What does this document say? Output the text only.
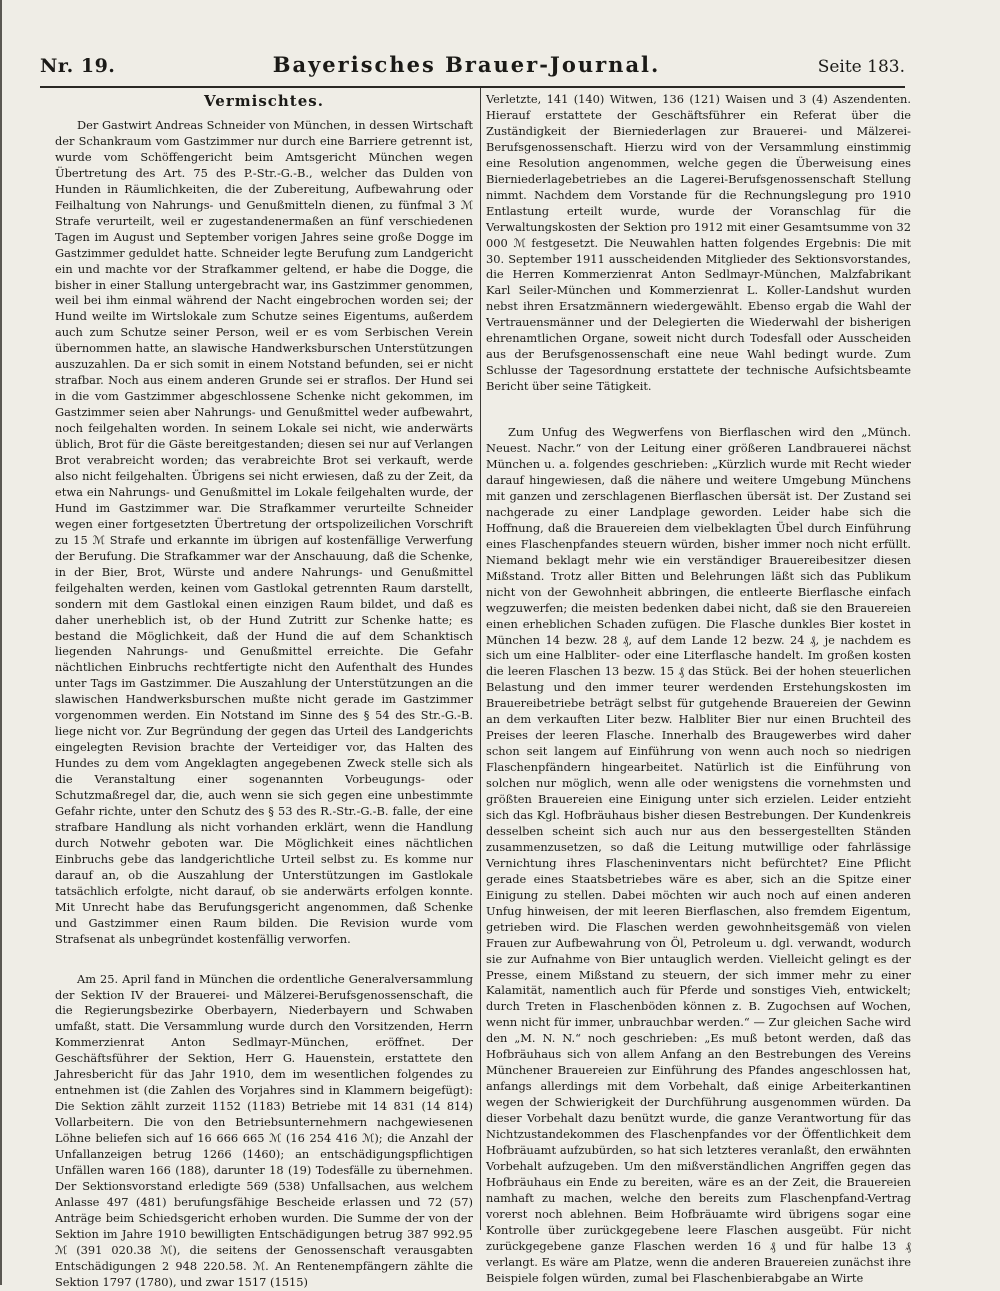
Nr. 19.	Bayerisches Brauer-Journal.	Seite 183.
Vermischtes.

Der Gastwirt Andreas Schneider von München, in dessen Wirtschaft der Schankraum vom Gastzimmer nur durch eine Barriere getrennt ist, wurde vom Schöffengericht beim Amtsgericht München wegen Übertretung des Art. 75 des P.-Str.-G.-B., welcher das Dulden von Hunden in Räumlichkeiten, die der Zubereitung, Aufbewahrung oder Feilhaltung von Nahrungs- und Genußmitteln dienen, zu fünfmal 3 ℳ Strafe verurteilt, weil er zugestandenermaßen an fünf verschiedenen Tagen im August und September vorigen Jahres seine große Dogge im Gastzimmer geduldet hatte. Schneider legte Berufung zum Landgericht ein und machte vor der Strafkammer geltend, er habe die Dogge, die bisher in einer Stallung untergebracht war, ins Gastzimmer genommen, weil bei ihm einmal während der Nacht eingebrochen worden sei; der Hund weilte im Wirtslokale zum Schutze seines Eigentums, außerdem auch zum Schutze seiner Person, weil er es vom Serbischen Verein übernommen hatte, an slawische Handwerksburschen Unterstützungen auszuzahlen. Da er sich somit in einem Notstand befunden, sei er nicht strafbar. Noch aus einem anderen Grunde sei er straflos. Der Hund sei in die vom Gastzimmer abgeschlossene Schenke nicht gekommen, im Gastzimmer seien aber Nahrungs- und Genußmittel weder aufbewahrt, noch feilgehalten worden. In seinem Lokale sei nicht, wie anderwärts üblich, Brot für die Gäste bereitgestanden; diesen sei nur auf Verlangen Brot verabreicht worden; das verabreichte Brot sei verkauft, werde also nicht feilgehalten. Übrigens sei nicht erwiesen, daß zu der Zeit, da etwa ein Nahrungs- und Genußmittel im Lokale feilgehalten wurde, der Hund im Gastzimmer war. Die Strafkammer verurteilte Schneider wegen einer fortgesetzten Übertretung der ortspolizeilichen Vorschrift zu 15 ℳ Strafe und erkannte im übrigen auf kostenfällige Verwerfung der Berufung. Die Strafkammer war der Anschauung, daß die Schenke, in der Bier, Brot, Würste und andere Nahrungs- und Genußmittel feilgehalten werden, keinen vom Gastlokal getrennten Raum darstellt, sondern mit dem Gastlokal einen einzigen Raum bildet, und daß es daher unerheblich ist, ob der Hund Zutritt zur Schenke hatte; es bestand die Möglichkeit, daß der Hund die auf dem Schanktisch liegenden Nahrungs- und Genußmittel erreichte. Die Gefahr nächtlichen Einbruchs rechtfertigte nicht den Aufenthalt des Hundes unter Tags im Gastzimmer. Die Auszahlung der Unterstützungen an die slawischen Handwerksburschen mußte nicht gerade im Gastzimmer vorgenommen werden. Ein Notstand im Sinne des § 54 des Str.-G.-B. liege nicht vor. Zur Begründung der gegen das Urteil des Landgerichts eingelegten Revision brachte der Verteidiger vor, das Halten des Hundes zu dem vom Angeklagten angegebenen Zweck stelle sich als die Veranstaltung einer sogenannten Vorbeugungs- oder Schutzmaßregel dar, die, auch wenn sie sich gegen eine unbestimmte Gefahr richte, unter den Schutz des § 53 des R.-Str.-G.-B. falle, der eine strafbare Handlung als nicht vorhanden erklärt, wenn die Handlung durch Notwehr geboten war. Die Möglichkeit eines nächtlichen Einbruchs gebe das landgerichtliche Urteil selbst zu. Es komme nur darauf an, ob die Auszahlung der Unterstützungen im Gastlokale tatsächlich erfolgte, nicht darauf, ob sie anderwärts erfolgen konnte. Mit Unrecht habe das Berufungsgericht angenommen, daß Schenke und Gastzimmer einen Raum bilden. Die Revision wurde vom Strafsenat als unbegründet kostenfällig verworfen.

Am 25. April fand in München die ordentliche Generalversammlung der Sektion IV der Brauerei- und Mälzerei-Berufsgenossenschaft, die die Regierungsbezirke Oberbayern, Niederbayern und Schwaben umfaßt, statt. Die Versammlung wurde durch den Vorsitzenden, Herrn Kommerzienrat Anton Sedlmayr-München, eröffnet. Der Geschäftsführer der Sektion, Herr G. Hauenstein, erstattete den Jahresbericht für das Jahr 1910, dem im wesentlichen folgendes zu entnehmen ist (die Zahlen des Vorjahres sind in Klammern beigefügt): Die Sektion zählt zurzeit 1152 (1183) Betriebe mit 14 831 (14 814) Vollarbeitern. Die von den Betriebsunternehmern nachgewiesenen Löhne beliefen sich auf 16 666 665 ℳ (16 254 416 ℳ); die Anzahl der Unfallanzeigen betrug 1266 (1460); an entschädigungspflichtigen Unfällen waren 166 (188), darunter 18 (19) Todesfälle zu übernehmen. Der Sektionsvorstand erledigte 569 (538) Unfallsachen, aus welchem Anlasse 497 (481) berufungsfähige Bescheide erlassen und 72 (57) Anträge beim Schiedsgericht erhoben wurden. Die Summe der von der Sektion im Jahre 1910 bewilligten Entschädigungen betrug 387 992.95 ℳ (391 020.38 ℳ), die seitens der Genossenschaft verausgabten Entschädigungen 2 948 220.58. ℳ. An Rentenempfängern zählte die Sektion 1797 (1780), und zwar 1517 (1515)

Verletzte, 141 (140) Witwen, 136 (121) Waisen und 3 (4) Aszendenten. Hierauf erstattete der Geschäftsführer ein Referat über die Zuständigkeit der Bierniederlagen zur Brauerei- und Mälzerei-Berufsgenossenschaft. Hierzu wird von der Versammlung einstimmig eine Resolution angenommen, welche gegen die Überweisung eines Bierniederlagebetriebes an die Lagerei-Berufsgenossenschaft Stellung nimmt. Nachdem dem Vorstande für die Rechnungslegung pro 1910 Entlastung erteilt wurde, wurde der Voranschlag für die Verwaltungskosten der Sektion pro 1912 mit einer Gesamtsumme von 32 000 ℳ festgesetzt. Die Neuwahlen hatten folgendes Ergebnis: Die mit 30. September 1911 ausscheidenden Mitglieder des Sektionsvorstandes, die Herren Kommerzienrat Anton Sedlmayr-München, Malzfabrikant Karl Seiler-München und Kommerzienrat L. Koller-Landshut wurden nebst ihren Ersatzmännern wiedergewählt. Ebenso ergab die Wahl der Vertrauensmänner und der Delegierten die Wiederwahl der bisherigen ehrenamtlichen Organe, soweit nicht durch Todesfall oder Ausscheiden aus der Berufsgenossenschaft eine neue Wahl bedingt wurde. Zum Schlusse der Tagesordnung erstattete der technische Aufsichtsbeamte Bericht über seine Tätigkeit.

Zum Unfug des Wegwerfens von Bierflaschen wird den „Münch. Neuest. Nachr.“ von der Leitung einer größeren Landbrauerei nächst München u. a. folgendes geschrieben: „Kürzlich wurde mit Recht wieder darauf hingewiesen, daß die nähere und weitere Umgebung Münchens mit ganzen und zerschlagenen Bierflaschen übersät ist. Der Zustand sei nachgerade zu einer Landplage geworden. Leider habe sich die Hoffnung, daß die Brauereien dem vielbeklagten Übel durch Einführung eines Flaschenpfandes steuern würden, bisher immer noch nicht erfüllt. Niemand beklagt mehr wie ein verständiger Brauereibesitzer diesen Mißstand. Trotz aller Bitten und Belehrungen läßt sich das Publikum nicht von der Gewohnheit abbringen, die entleerte Bierflasche einfach wegzuwerfen; die meisten bedenken dabei nicht, daß sie den Brauereien einen erheblichen Schaden zufügen. Die Flasche dunkles Bier kostet in München 14 bezw. 28 ₰, auf dem Lande 12 bezw. 24 ₰, je nachdem es sich um eine Halbliter- oder eine Literflasche handelt. Im großen kosten die leeren Flaschen 13 bezw. 15 ₰ das Stück. Bei der hohen steuerlichen Belastung und den immer teurer werdenden Erstehungskosten im Brauereibetriebe beträgt selbst für gutgehende Brauereien der Gewinn an dem verkauften Liter bezw. Halbliter Bier nur einen Bruchteil des Preises der leeren Flasche. Innerhalb des Braugewerbes wird daher schon seit langem auf Einführung von wenn auch noch so niedrigen Flaschenpfändern hingearbeitet. Natürlich ist die Einführung von solchen nur möglich, wenn alle oder wenigstens die vornehmsten und größten Brauereien eine Einigung unter sich erzielen. Leider entzieht sich das Kgl. Hofbräuhaus bisher diesen Bestrebungen. Der Kundenkreis desselben scheint sich auch nur aus den bessergestellten Ständen zusammenzusetzen, so daß die Leitung mutwillige oder fahrlässige Vernichtung ihres Flascheninventars nicht befürchtet? Eine Pflicht gerade eines Staatsbetriebes wäre es aber, sich an die Spitze einer Einigung zu stellen. Dabei möchten wir auch noch auf einen anderen Unfug hinweisen, der mit leeren Bierflaschen, also fremdem Eigentum, getrieben wird. Die Flaschen werden gewohnheitsgemäß von vielen Frauen zur Aufbewahrung von Öl, Petroleum u. dgl. verwandt, wodurch sie zur Aufnahme von Bier untauglich werden. Vielleicht gelingt es der Presse, einem Mißstand zu steuern, der sich immer mehr zu einer Kalamität, namentlich auch für Pferde und sonstiges Vieh, entwickelt; durch Treten in Flaschenböden können z. B. Zugochsen auf Wochen, wenn nicht für immer, unbrauchbar werden.“ — Zur gleichen Sache wird den „M. N. N.“ noch geschrieben: „Es muß betont werden, daß das Hofbräuhaus sich von allem Anfang an den Bestrebungen des Vereins Münchener Brauereien zur Einführung des Pfandes angeschlossen hat, anfangs allerdings mit dem Vorbehalt, daß einige Arbeiterkantinen wegen der Schwierigkeit der Durchführung ausgenommen würden. Da dieser Vorbehalt dazu benützt wurde, die ganze Verantwortung für das Nichtzustandekommen des Flaschenpfandes vor der Öffentlichkeit dem Hofbräuamt aufzubürden, so hat sich letzteres veranlaßt, den erwähnten Vorbehalt aufzugeben. Um den mißverständlichen Angriffen gegen das Hofbräuhaus ein Ende zu bereiten, wäre es an der Zeit, die Brauereien namhaft zu machen, welche den bereits zum Flaschenpfand-Vertrag vorerst noch ablehnen. Beim Hofbräuamte wird übrigens sogar eine Kontrolle über zurückgegebene leere Flaschen ausgeübt. Für nicht zurückgegebene ganze Flaschen werden 16 ₰ und für halbe 13 ₰ verlangt. Es wäre am Platze, wenn die anderen Brauereien zunächst ihre Beispiele folgen würden, zumal bei Flaschenbierabgabe an Wirte
